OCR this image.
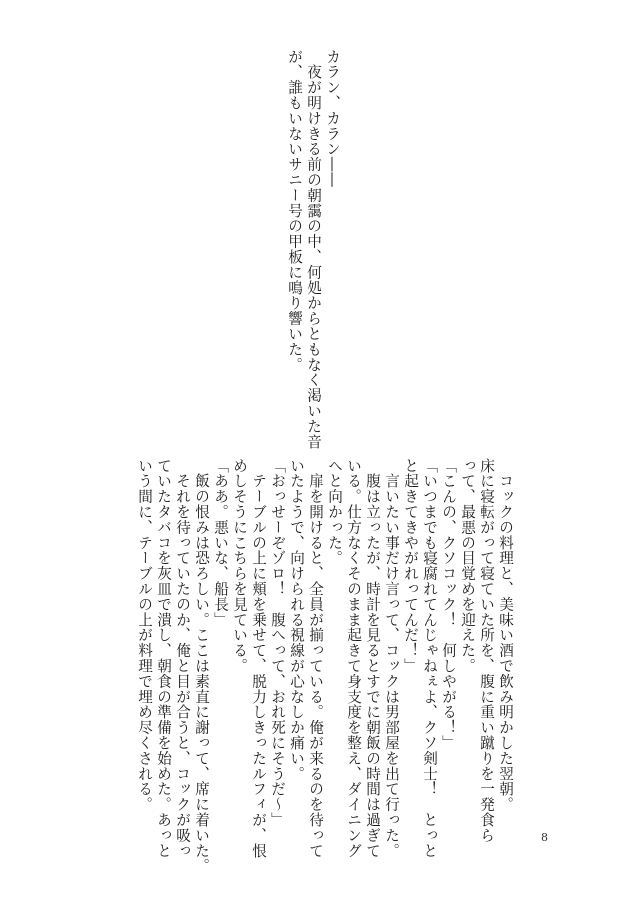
カラン、カラン――
　夜が明けきる前の朝靄の中、何処からともなく渇いた音
が、誰もいないサニー号の甲板に鳴り響いた。
　コックの料理と、美味い酒で飲み明かした翌朝。
床に寝転がって寝ていた所を、腹に重い蹴りを一発食ら
って、最悪の目覚めを迎えた。
「こんの、クソコック！　何しやがる！」
「いつまでも寝腐れてんじゃねぇよ、クソ剣士！　とっと
と起きてきやがれってんだ！」
　言いたい事だけ言って、コックは男部屋を出て行った。
　腹は立ったが、時計を見るとすでに朝飯の時間は過ぎて
いる。仕方なくそのまま起きて身支度を整え、ダイニング
へと向かった。
　扉を開けると、全員が揃っている。俺が来るのを待って
いたようで、向けられる視線が心なしか痛い。
「おっせーぞゾロ！　腹へって、おれ死にそうだ～」
　テーブルの上に頬を乗せて、脱力しきったルフィが、恨
めしそうにこちらを見ている。
「ああ。悪いな、船長」
　飯の恨みは恐ろしい。ここは素直に謝って、席に着いた。
　それを待っていたのか、俺と目が合うと、コックが吸っ
ていたタバコを灰皿で潰し、朝食の準備を始めた。あっと
いう間に、テーブルの上が料理で埋め尽くされる。
8
